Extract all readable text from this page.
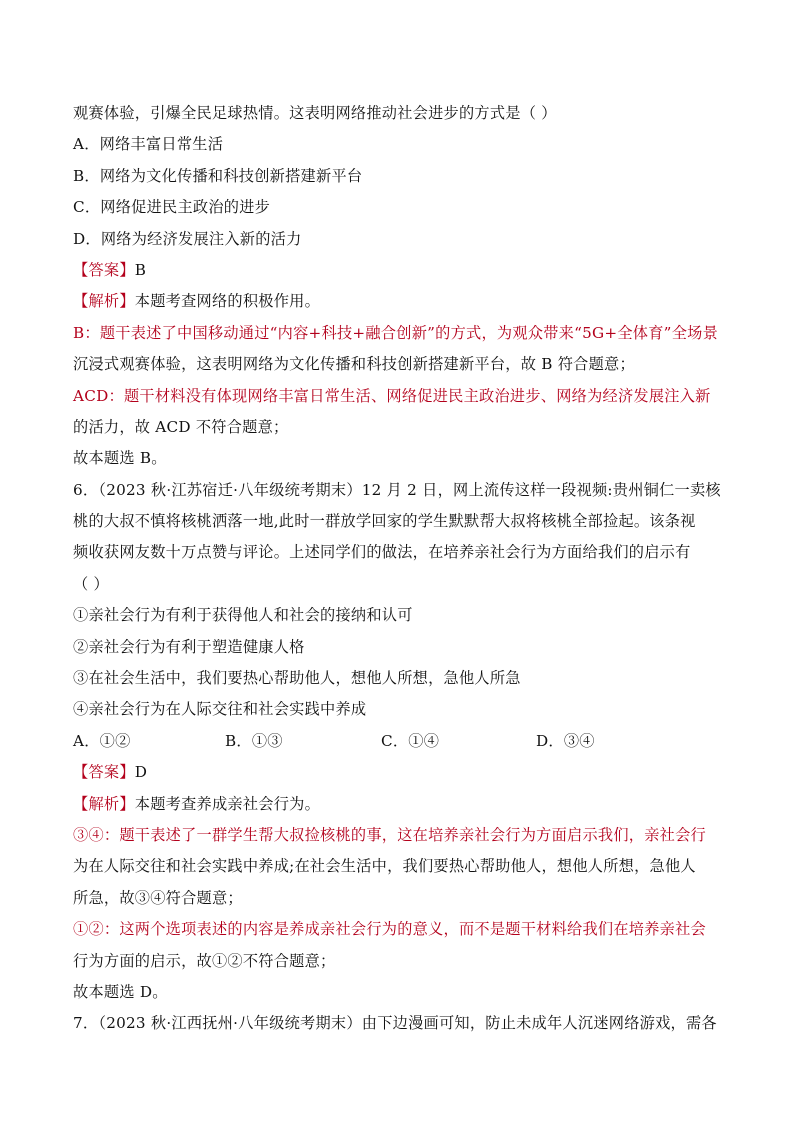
观赛体验，引爆全民足球热情。这表明网络推动社会进步的方式是（ ）
A．网络丰富日常生活
B．网络为文化传播和科技创新搭建新平台
C．网络促进民主政治的进步
D．网络为经济发展注入新的活力
【答案】B
【解析】本题考查网络的积极作用。
B：题干表述了中国移动通过“内容+科技+融合创新”的方式，为观众带来“5G+全体育”全场景
沉浸式观赛体验，这表明网络为文化传播和科技创新搭建新平台，故 B 符合题意；
ACD：题干材料没有体现网络丰富日常生活、网络促进民主政治进步、网络为经济发展注入新
的活力，故 ACD 不符合题意；
故本题选 B。
6．（2023 秋·江苏宿迁·八年级统考期末）12 月 2 日，网上流传这样一段视频:贵州铜仁一卖核
桃的大叔不慎将核桃洒落一地,此时一群放学回家的学生默默帮大叔将核桃全部捡起。该条视
频收获网友数十万点赞与评论。上述同学们的做法，在培养亲社会行为方面给我们的启示有
（ ）
①亲社会行为有利于获得他人和社会的接纳和认可
②亲社会行为有利于塑造健康人格
③在社会生活中，我们要热心帮助他人，想他人所想，急他人所急
④亲社会行为在人际交往和社会实践中养成
A．①②	B．①③	C．①④	D．③④
【答案】D
【解析】本题考查养成亲社会行为。
③④：题干表述了一群学生帮大叔捡核桃的事，这在培养亲社会行为方面启示我们，亲社会行
为在人际交往和社会实践中养成;在社会生活中，我们要热心帮助他人，想他人所想，急他人
所急，故③④符合题意；
①②：这两个选项表述的内容是养成亲社会行为的意义，而不是题干材料给我们在培养亲社会
行为方面的启示，故①②不符合题意；
故本题选 D。
7．（2023 秋·江西抚州·八年级统考期末）由下边漫画可知，防止未成年人沉迷网络游戏，需各
